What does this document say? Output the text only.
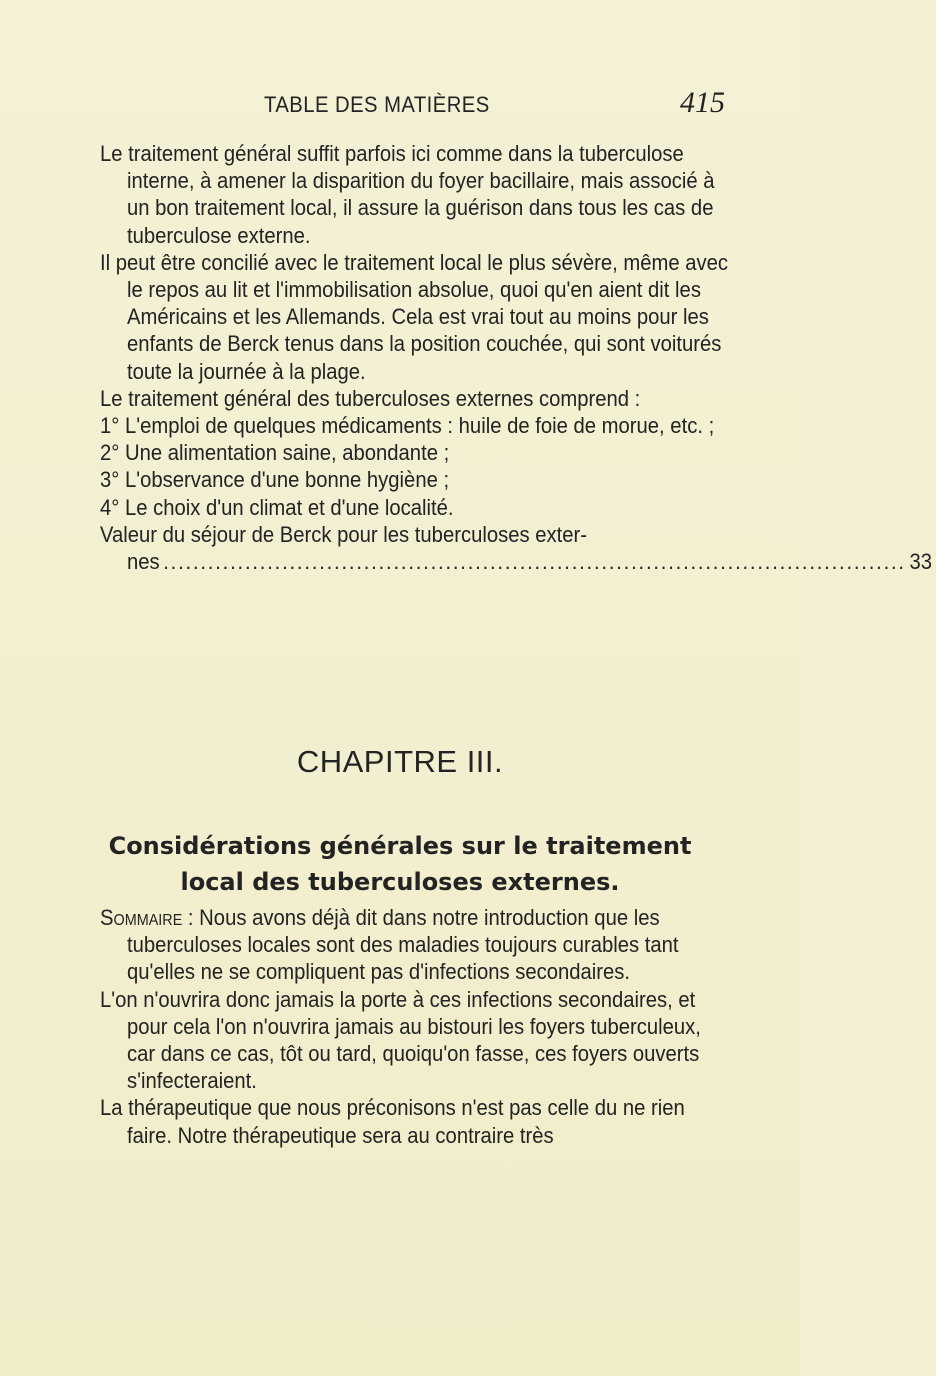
TABLE DES MATIÈRES	415

Le traitement général suffit parfois ici comme dans la tuberculose interne, à amener la disparition du foyer bacillaire, mais associé à un bon traitement local, il assure la guérison dans tous les cas de tuberculose externe.

Il peut être concilié avec le traitement local le plus sévère, même avec le repos au lit et l'immobilisation absolue, quoi qu'en aient dit les Américains et les Allemands. Cela est vrai tout au moins pour les enfants de Berck tenus dans la position couchée, qui sont voiturés toute la journée à la plage.

Le traitement général des tuberculoses externes comprend :

1° L'emploi de quelques médicaments : huile de foie de morue, etc. ;

2° Une alimentation saine, abondante ;

3° L'observance d'une bonne hygiène ;

4° Le choix d'un climat et d'une localité.

Valeur du séjour de Berck pour les tuberculoses exter-

nes .................................................................................................... 33
CHAPITRE III.
Considérations générales sur le traitement
local des tuberculoses externes.

Sommaire : Nous avons déjà dit dans notre introduction que les tuberculoses locales sont des maladies toujours curables tant qu'elles ne se compliquent pas d'infections secondaires.

L'on n'ouvrira donc jamais la porte à ces infections secondaires, et pour cela l'on n'ouvrira jamais au bistouri les foyers tuberculeux, car dans ce cas, tôt ou tard, quoiqu'on fasse, ces foyers ouverts s'infecteraient.

La thérapeutique que nous préconisons n'est pas celle du ne rien faire. Notre thérapeutique sera au contraire très
